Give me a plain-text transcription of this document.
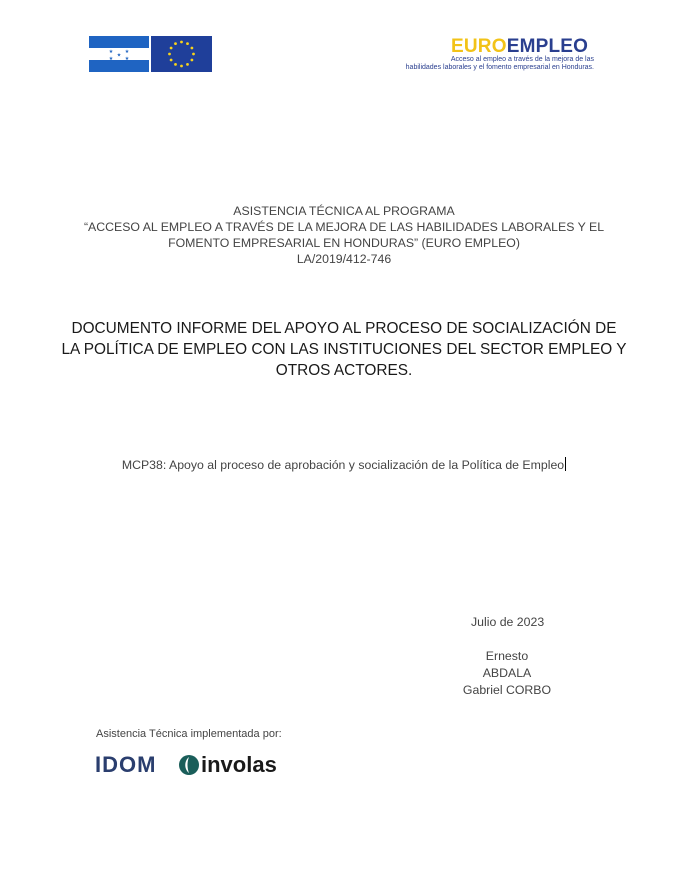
★ ★
★
★ ★
EUROEMPLEO
Acceso al empleo a través de la mejora de las
habilidades laborales y el fomento empresarial en Honduras.
ASISTENCIA TÉCNICA AL PROGRAMA
“ACCESO AL EMPLEO A TRAVÉS DE LA MEJORA DE LAS HABILIDADES LABORALES Y EL
FOMENTO EMPRESARIAL EN HONDURAS” (EURO EMPLEO)
LA/2019/412-746
DOCUMENTO INFORME DEL APOYO AL PROCESO DE SOCIALIZACIÓN DE
LA POLÍTICA DE EMPLEO CON LAS INSTITUCIONES DEL SECTOR EMPLEO Y
OTROS ACTORES.
MCP38: Apoyo al proceso de aprobación y socialización de la Política de Empleo
Julio de 2023
Ernesto ABDALA
Gabriel CORBO
Asistencia Técnica implementada por:
IDOM involas
